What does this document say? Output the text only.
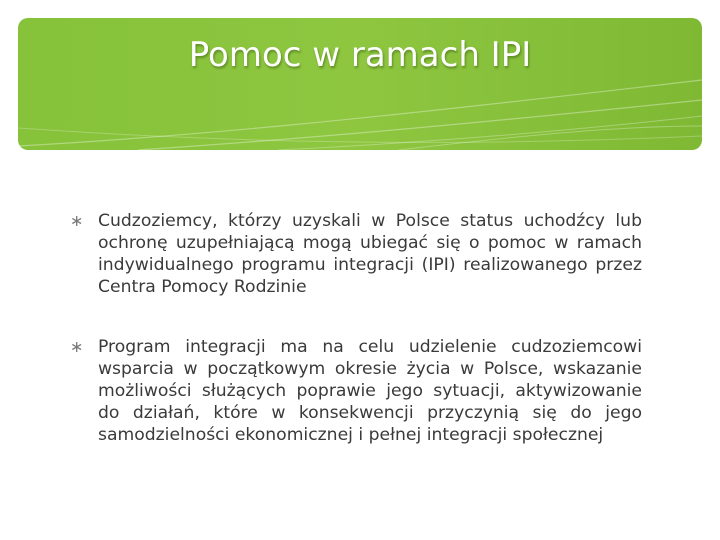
Pomoc w ramach IPI
∗ Cudzoziemcy, którzy uzyskali w Polsce status uchodźcy lub ochronę uzupełniającą mogą ubiegać się o pomoc w ramach indywidualnego programu integracji (IPI) realizowanego przez Centra Pomocy Rodzinie
∗ Program integracji ma na celu udzielenie cudzoziemcowi wsparcia w początkowym okresie życia w Polsce, wskazanie możliwości służących poprawie jego sytuacji, aktywizowanie do działań, które w konsekwencji przyczynią się do jego samodzielności ekonomicznej i pełnej integracji społecznej
